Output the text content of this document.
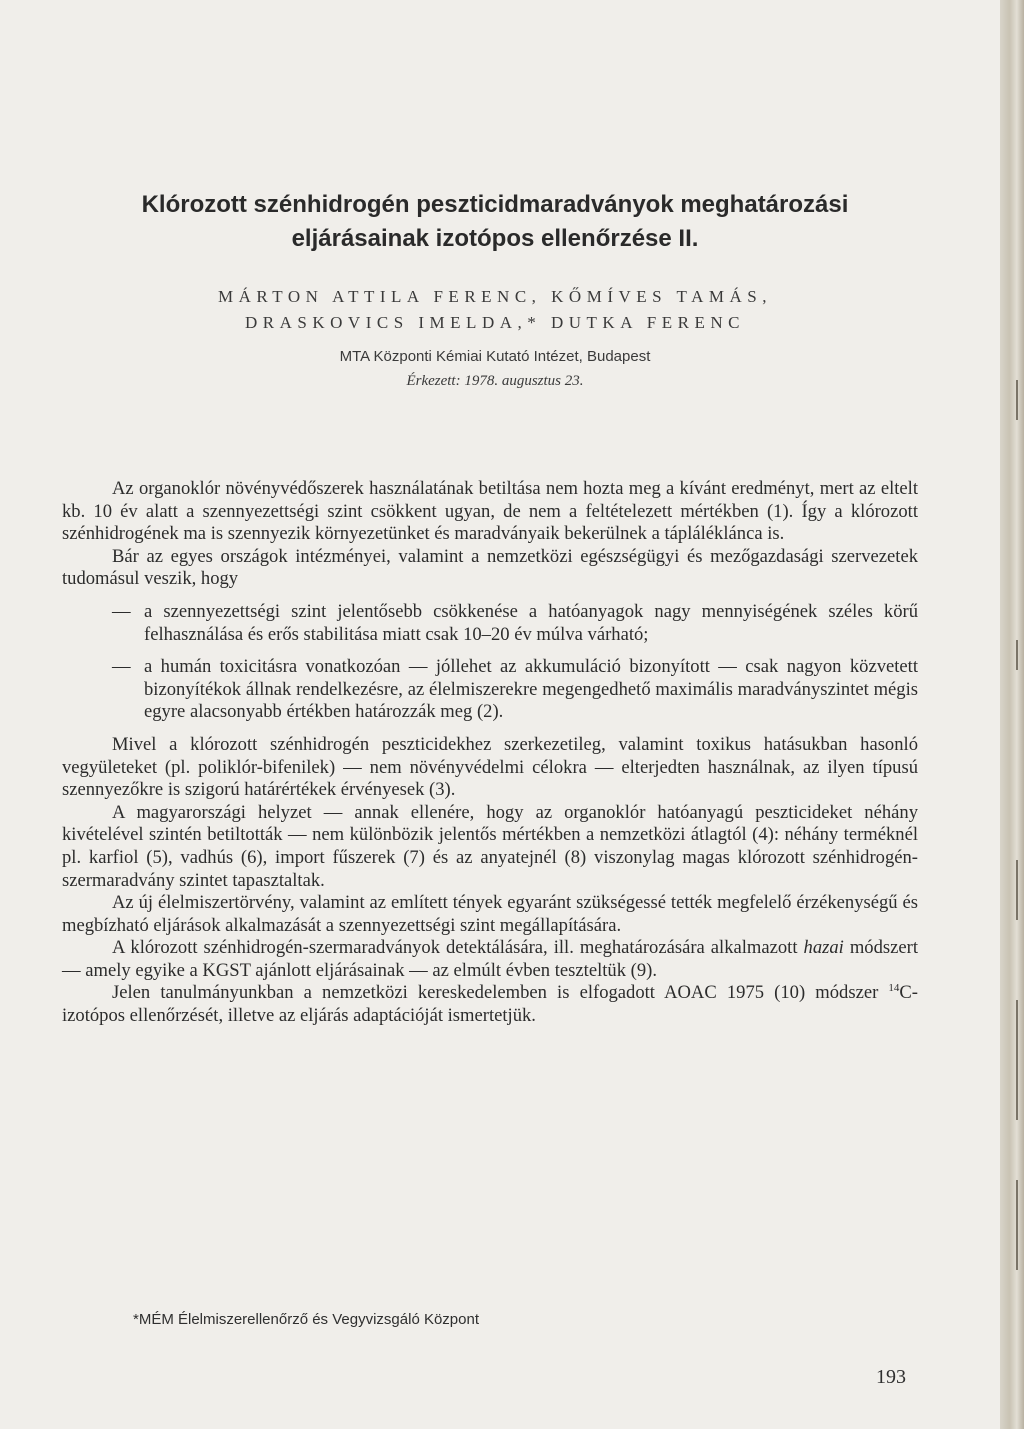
Klórozott szénhidrogén peszticidmaradványok meghatározási
eljárásainak izotópos ellenőrzése II.
MÁRTON ATTILA FERENC, KŐMÍVES TAMÁS,
DRASKOVICS IMELDA,* DUTKA FERENC
MTA Központi Kémiai Kutató Intézet, Budapest
Érkezett: 1978. augusztus 23.

Az organoklór növényvédőszerek használatának betiltása nem hozta meg a kívánt eredményt, mert az eltelt kb. 10 év alatt a szennyezettségi szint csökkent ugyan, de nem a feltételezett mértékben (1). Így a klórozott szénhidrogének ma is szennyezik környezetünket és maradványaik bekerülnek a tápláléklánca is.

Bár az egyes országok intézményei, valamint a nemzetközi egészségügyi és mezőgazdasági szervezetek tudomásul veszik, hogy

— a szennyezettségi szint jelentősebb csökkenése a hatóanyagok nagy mennyiségének széles körű felhasználása és erős stabilitása miatt csak 10–20 év múlva várható;
— a humán toxicitásra vonatkozóan — jóllehet az akkumuláció bizonyított — csak nagyon közvetett bizonyítékok állnak rendelkezésre, az élelmiszerekre megengedhető maximális maradványszintet mégis egyre alacsonyabb értékben határozzák meg (2).

Mivel a klórozott szénhidrogén peszticidekhez szerkezetileg, valamint toxikus hatásukban hasonló vegyületeket (pl. poliklór-bifenilek) — nem növényvédelmi célokra — elterjedten használnak, az ilyen típusú szennyezőkre is szigorú határértékek érvényesek (3).

A magyarországi helyzet — annak ellenére, hogy az organoklór hatóanyagú peszticideket néhány kivételével szintén betiltották — nem különbözik jelentős mértékben a nemzetközi átlagtól (4): néhány terméknél pl. karfiol (5), vadhús (6), import fűszerek (7) és az anyatejnél (8) viszonylag magas klórozott szénhidrogén-szermaradvány szintet tapasztaltak.

Az új élelmiszertörvény, valamint az említett tények egyaránt szükségessé tették megfelelő érzékenységű és megbízható eljárások alkalmazását a szennyezettségi szint megállapítására.

A klórozott szénhidrogén-szermaradványok detektálására, ill. meghatározására alkalmazott hazai módszert — amely egyike a KGST ajánlott eljárásainak — az elmúlt évben teszteltük (9).

Jelen tanulmányunkban a nemzetközi kereskedelemben is elfogadott AOAC 1975 (10) módszer $^{14}$C-izotópos ellenőrzését, illetve az eljárás adaptációját ismertetjük.

*MÉM Élelmiszerellenőrző és Vegyvizsgáló Központ
193
